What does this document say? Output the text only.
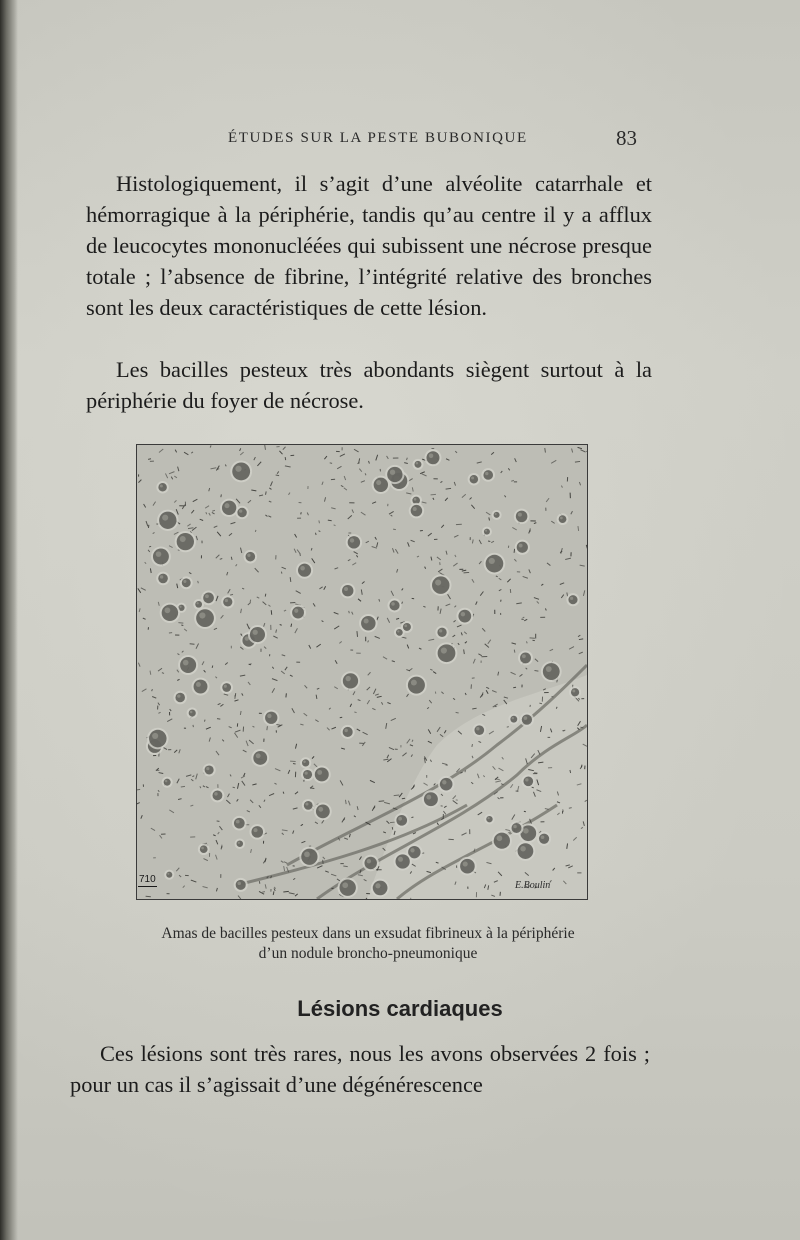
ÉTUDES SUR LA PESTE BUBONIQUE	83

Histologiquement, il s’agit d’une alvéolite catarrhale et hémorragique à la périphérie, tandis qu’au centre il y a afflux de leucocytes mononucléées qui subissent une nécrose presque totale ; l’absence de fibrine, l’intégrité relative des bronches sont les deux caractéristiques de cette lésion.

Les bacilles pesteux très abondants siègent surtout à la périphérie du foyer de nécrose.

710
E.Boulin
Amas de bacilles pesteux dans un exsudat fibrineux à la périphérie
d’un nodule broncho-pneumonique
Lésions cardiaques

Ces lésions sont très rares, nous les avons observées 2 fois ; pour un cas il s’agissait d’une dégénérescence
